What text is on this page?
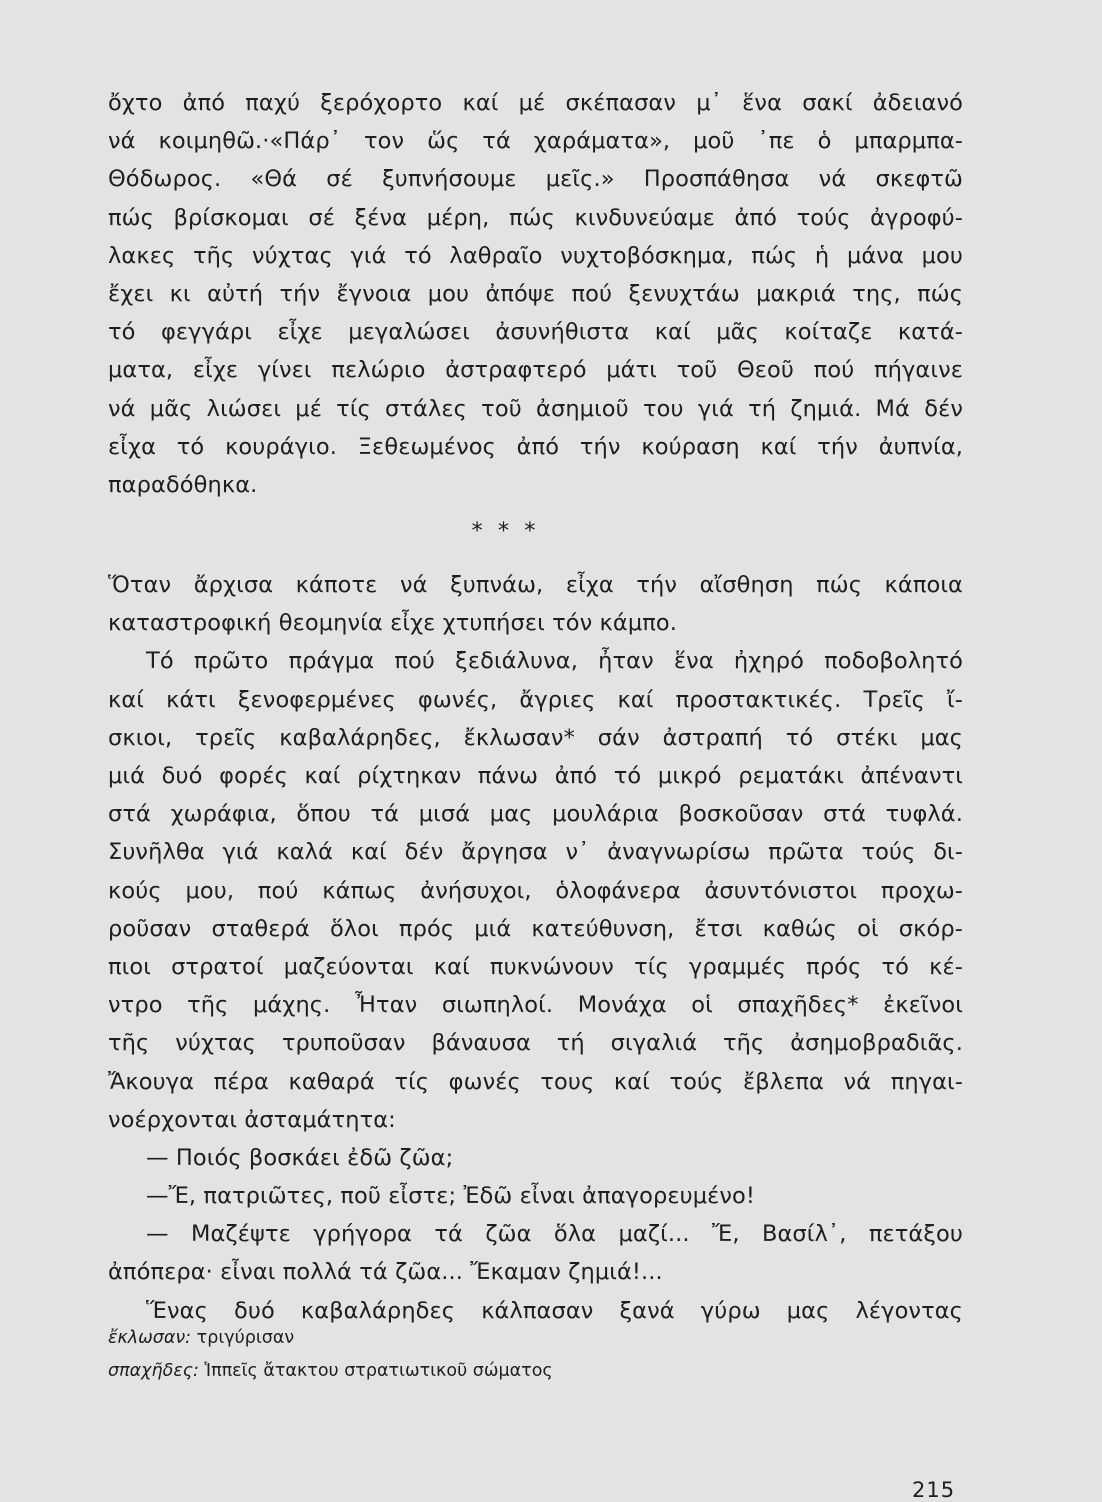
ὄχτο ἀπό παχύ ξερόχορτο καί μέ σκέπασαν μ᾽ ἕνα σακί ἀδειανό
νά κοιμηθῶ.·«Πάρ᾽ τον ὥς τά χαράματα», μοῦ ᾽πε ὁ μπαρμπα-
Θόδωρος. «Θά σέ ξυπνήσουμε μεῖς.» Προσπάθησα νά σκεφτῶ
πώς βρίσκομαι σέ ξένα μέρη, πώς κινδυνεύαμε ἀπό τούς ἀγροφύ-
λακες τῆς νύχτας γιά τό λαθραῖο νυχτοβόσκημα, πώς ἡ μάνα μου
ἔχει κι αὐτή τήν ἔγνοια μου ἀπόψε πού ξενυχτάω μακριά της, πώς
τό φεγγάρι εἶχε μεγαλώσει ἀσυνήθιστα καί μᾶς κοίταζε κατά-
ματα, εἶχε γίνει πελώριο ἀστραφτερό μάτι τοῦ Θεοῦ πού πήγαινε
νά μᾶς λιώσει μέ τίς στάλες τοῦ ἀσημιοῦ του γιά τή ζημιά. Μά δέν
εἶχα τό κουράγιο. Ξεθεωμένος ἀπό τήν κούραση καί τήν ἀυπνία,
παραδόθηκα.
* * *
Ὅταν ἄρχισα κάποτε νά ξυπνάω, εἶχα τήν αἴσθηση πώς κάποια
καταστροφική θεομηνία εἶχε χτυπήσει τόν κάμπο.
Τό πρῶτο πράγμα πού ξεδιάλυνα, ἦταν ἕνα ἠχηρό ποδοβολητό
καί κάτι ξενοφερμένες φωνές, ἄγριες καί προστακτικές. Τρεῖς ἴ-
σκιοι, τρεῖς καβαλάρηδες, ἔκλωσαν* σάν ἀστραπή τό στέκι μας
μιά δυό φορές καί ρίχτηκαν πάνω ἀπό τό μικρό ρεματάκι ἀπέναντι
στά χωράφια, ὅπου τά μισά μας μουλάρια βοσκοῦσαν στά τυφλά.
Συνῆλθα γιά καλά καί δέν ἄργησα ν᾽ ἀναγνωρίσω πρῶτα τούς δι-
κούς μου, πού κάπως ἀνήσυχοι, ὁλοφάνερα ἀσυντόνιστοι προχω-
ροῦσαν σταθερά ὅλοι πρός μιά κατεύθυνση, ἔτσι καθώς οἱ σκόρ-
πιοι στρατοί μαζεύονται καί πυκνώνουν τίς γραμμές πρός τό κέ-
ντρο τῆς μάχης. Ἦταν σιωπηλοί. Μονάχα οἱ σπαχῆδες* ἐκεῖνοι
τῆς νύχτας τρυποῦσαν βάναυσα τή σιγαλιά τῆς ἀσημοβραδιᾶς.
Ἄκουγα πέρα καθαρά τίς φωνές τους καί τούς ἔβλεπα νά πηγαι-
νοέρχονται ἀσταμάτητα:
— Ποιός βοσκάει ἐδῶ ζῶα;
—Ἔ, πατριῶτες, ποῦ εἶστε; Ἐδῶ εἶναι ἀπαγορευμένο!
— Μαζέψτε γρήγορα τά ζῶα ὅλα μαζί... Ἔ, Βασίλ᾽, πετάξου
ἀπόπερα· εἶναι πολλά τά ζῶα... Ἔκαμαν ζημιά!...
Ἕνας δυό καβαλάρηδες κάλπασαν ξανά γύρω μας λέγοντας
ἔκλωσαν: τριγύρισαν
σπαχῆδες: Ἱππεῖς ἄτακτου στρατιωτικοῦ σώματος
215
